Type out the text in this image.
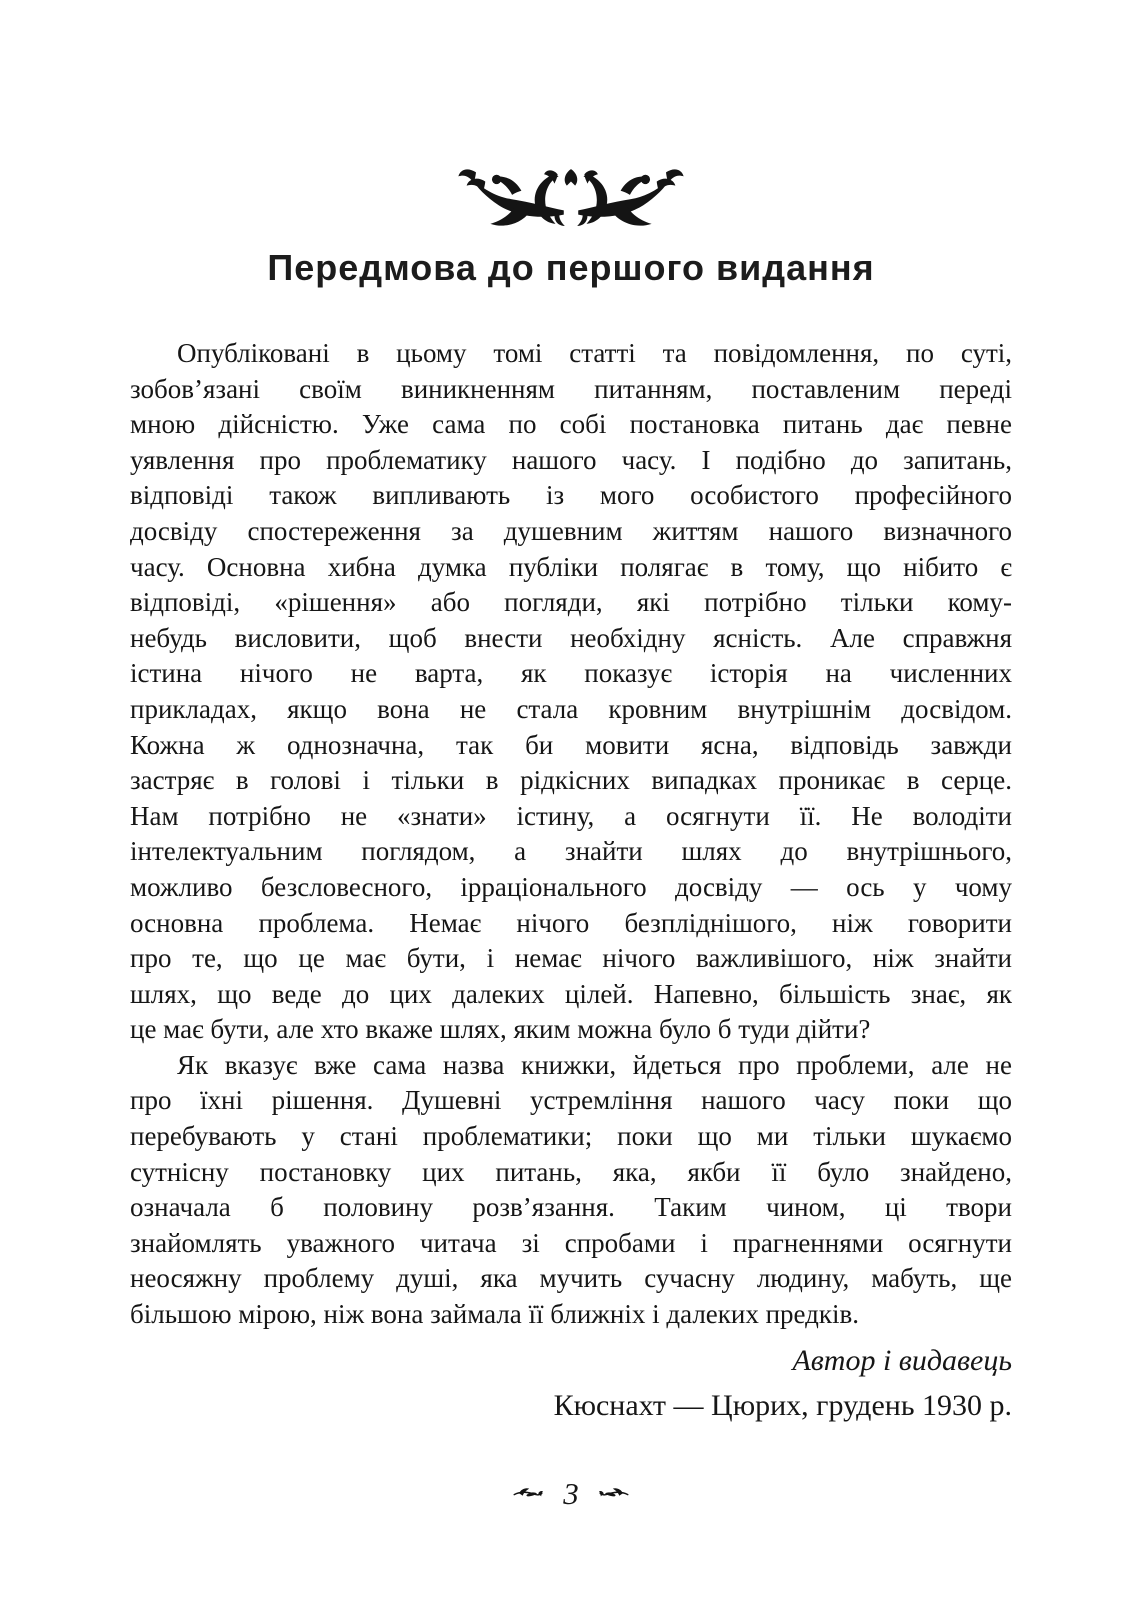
Передмова до першого видання
Опубліковані в цьому томі статті та повідомлення, по суті,
зобов’язані своїм виникненням питанням, поставленим переді
мною дійсністю. Уже сама по собі постановка питань дає певне
уявлення про проблематику нашого часу. І подібно до запитань,
відповіді також випливають із мого особистого професійного
досвіду спостереження за душевним життям нашого визначного
часу. Основна хибна думка публіки полягає в тому, що нібито є
відповіді, «рішення» або погляди, які потрібно тільки кому-
небудь висловити, щоб внести необхідну ясність. Але справжня
істина нічого не варта, як показує історія на численних
прикладах, якщо вона не стала кровним внутрішнім досвідом.
Кожна ж однозначна, так би мовити ясна, відповідь завжди
застряє в голові і тільки в рідкісних випадках проникає в серце.
Нам потрібно не «знати» істину, а осягнути її. Не володіти
інтелектуальним поглядом, а знайти шлях до внутрішнього,
можливо безсловесного, ірраціонального досвіду — ось у чому
основна проблема. Немає нічого безпліднішого, ніж говорити
про те, що це має бути, і немає нічого важливішого, ніж знайти
шлях, що веде до цих далеких цілей. Напевно, більшість знає, як
це має бути, але хто вкаже шлях, яким можна було б туди дійти?
Як вказує вже сама назва книжки, йдеться про проблеми, але не
про їхні рішення. Душевні устремління нашого часу поки що
перебувають у стані проблематики; поки що ми тільки шукаємо
сутнісну постановку цих питань, яка, якби її було знайдено,
означала б половину розв’язання. Таким чином, ці твори
знайомлять уважного читача зі спробами і прагненнями осягнути
неосяжну проблему душі, яка мучить сучасну людину, мабуть, ще
більшою мірою, ніж вона займала її ближніх і далеких предків.
Автор і видавець
Кюснахт — Цюрих, грудень 1930 р.
3
